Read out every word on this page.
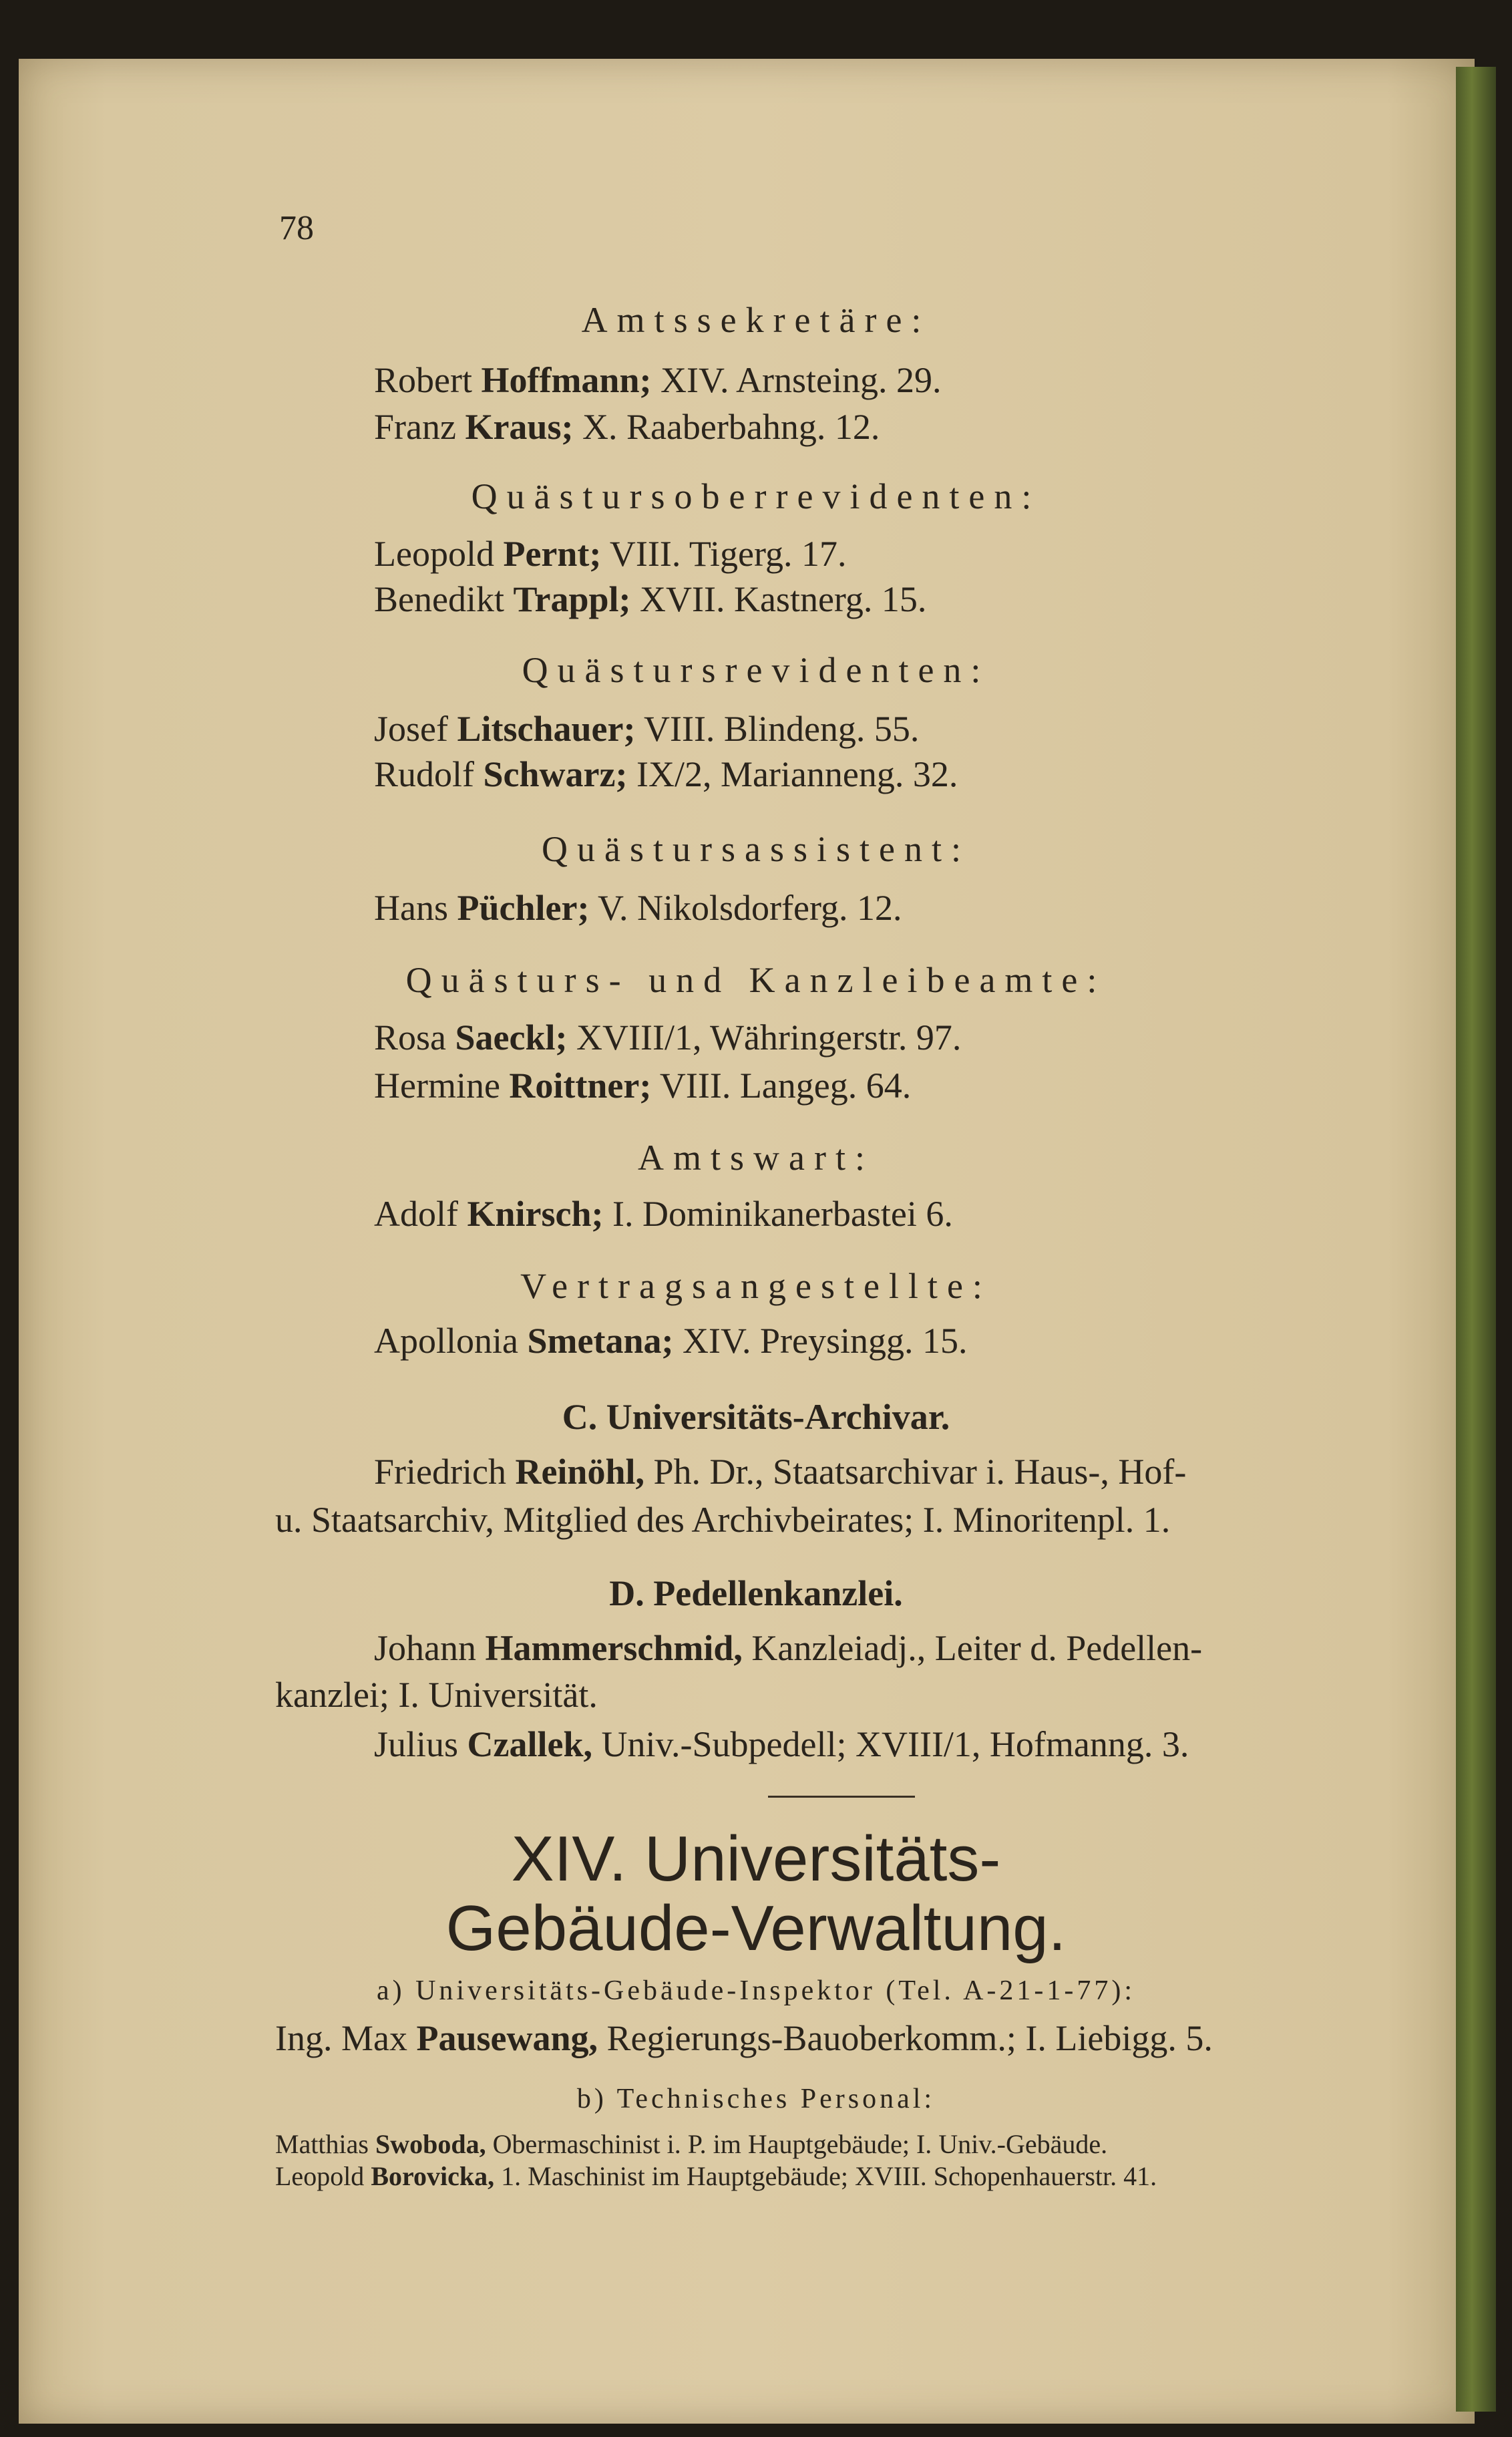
78
Amtssekretäre:
Robert Hoffmann; XIV. Arnsteing. 29.
Franz Kraus; X. Raaberbahng. 12.
Quästursoberrevidenten:
Leopold Pernt; VIII. Tigerg. 17.
Benedikt Trappl; XVII. Kastnerg. 15.
Quästursrevidenten:
Josef Litschauer; VIII. Blindeng. 55.
Rudolf Schwarz; IX/2, Marianneng. 32.
Quästursassistent:
Hans Püchler; V. Nikolsdorferg. 12.
Quästurs- und Kanzleibeamte:
Rosa Saeckl; XVIII/1, Währingerstr. 97.
Hermine Roittner; VIII. Langeg. 64.
Amtswart:
Adolf Knirsch; I. Dominikanerbastei 6.
Vertragsangestellte:
Apollonia Smetana; XIV. Preysingg. 15.
C. Universitäts-Archivar.
Friedrich Reinöhl, Ph. Dr., Staatsarchivar i. Haus-, Hof-
u. Staatsarchiv, Mitglied des Archivbeirates; I. Minoritenpl. 1.
D. Pedellenkanzlei.
Johann Hammerschmid, Kanzleiadj., Leiter d. Pedellen-
kanzlei; I. Universität.
Julius Czallek, Univ.-Subpedell; XVIII/1, Hofmanng. 3.
XIV. Universitäts-
Gebäude-Verwaltung.
a) Universitäts-Gebäude-Inspektor (Tel. A-21-1-77):
Ing. Max Pausewang, Regierungs-Bauoberkomm.; I. Liebigg. 5.
b) Technisches Personal:
Matthias Swoboda, Obermaschinist i. P. im Hauptgebäude; I. Univ.-Gebäude.
Leopold Borovicka, 1. Maschinist im Hauptgebäude; XVIII. Schopenhauerstr. 41.
